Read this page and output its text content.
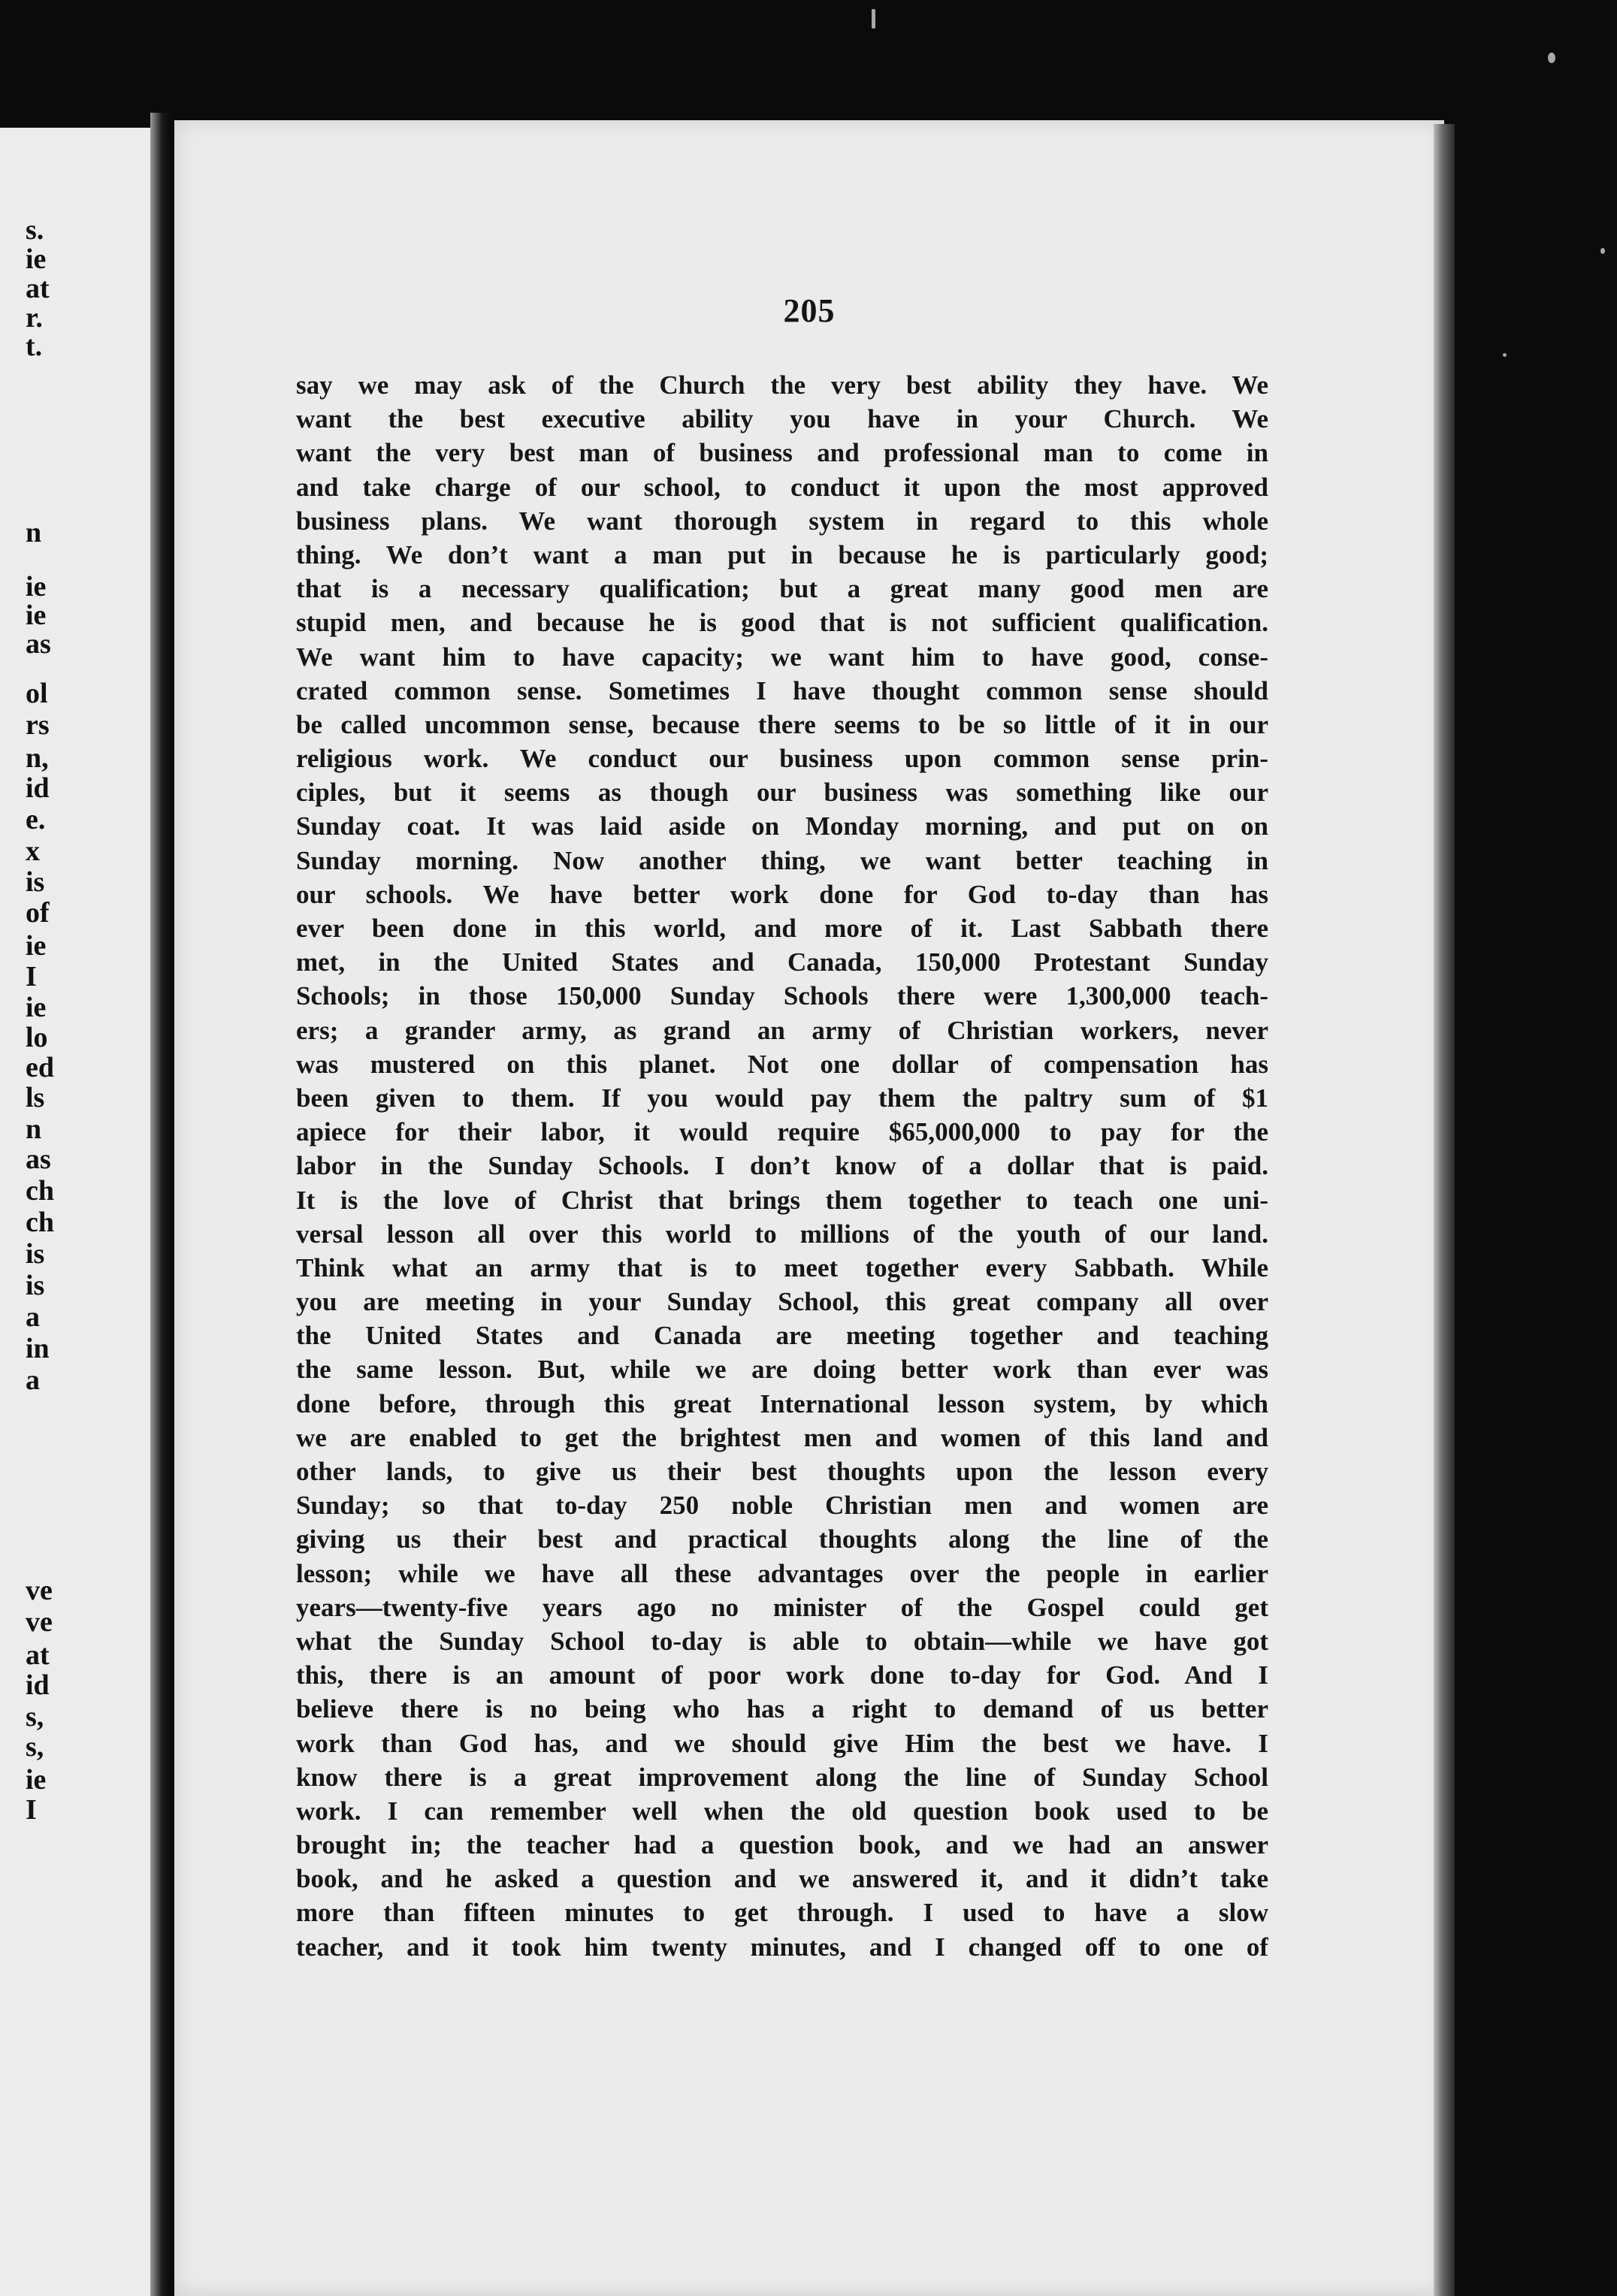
s.
ie
at
r.
t.
n
ie
ie
as
ol
rs
n,
id
e.
x
is
of
ie
I
ie
lo
ed
ls
n
as
ch
ch
is
is
a
in
a
ve
ve
at
id
s,
s,
ie
I
205
say we may ask of the Church the very best ability they have. We
want the best executive ability you have in your Church. We
want the very best man of business and professional man to come in
and take charge of our school, to conduct it upon the most approved
business plans. We want thorough system in regard to this whole
thing. We don’t want a man put in because he is particularly good;
that is a necessary qualification; but a great many good men are
stupid men, and because he is good that is not sufficient qualification.
We want him to have capacity; we want him to have good, conse-
crated common sense. Sometimes I have thought common sense should
be called uncommon sense, because there seems to be so little of it in our
religious work. We conduct our business upon common sense prin-
ciples, but it seems as though our business was something like our
Sunday coat. It was laid aside on Monday morning, and put on on
Sunday morning. Now another thing, we want better teaching in
our schools. We have better work done for God to-day than has
ever been done in this world, and more of it. Last Sabbath there
met, in the United States and Canada, 150,000 Protestant Sunday
Schools; in those 150,000 Sunday Schools there were 1,300,000 teach-
ers; a grander army, as grand an army of Christian workers, never
was mustered on this planet. Not one dollar of compensation has
been given to them. If you would pay them the paltry sum of $1
apiece for their labor, it would require $65,000,000 to pay for the
labor in the Sunday Schools. I don’t know of a dollar that is paid.
It is the love of Christ that brings them together to teach one uni-
versal lesson all over this world to millions of the youth of our land.
Think what an army that is to meet together every Sabbath. While
you are meeting in your Sunday School, this great company all over
the United States and Canada are meeting together and teaching
the same lesson. But, while we are doing better work than ever was
done before, through this great International lesson system, by which
we are enabled to get the brightest men and women of this land and
other lands, to give us their best thoughts upon the lesson every
Sunday; so that to-day 250 noble Christian men and women are
giving us their best and practical thoughts along the line of the
lesson; while we have all these advantages over the people in earlier
years—twenty-five years ago no minister of the Gospel could get
what the Sunday School to-day is able to obtain—while we have got
this, there is an amount of poor work done to-day for God. And I
believe there is no being who has a right to demand of us better
work than God has, and we should give Him the best we have. I
know there is a great improvement along the line of Sunday School
work. I can remember well when the old question book used to be
brought in; the teacher had a question book, and we had an answer
book, and he asked a question and we answered it, and it didn’t take
more than fifteen minutes to get through. I used to have a slow
teacher, and it took him twenty minutes, and I changed off to one of
